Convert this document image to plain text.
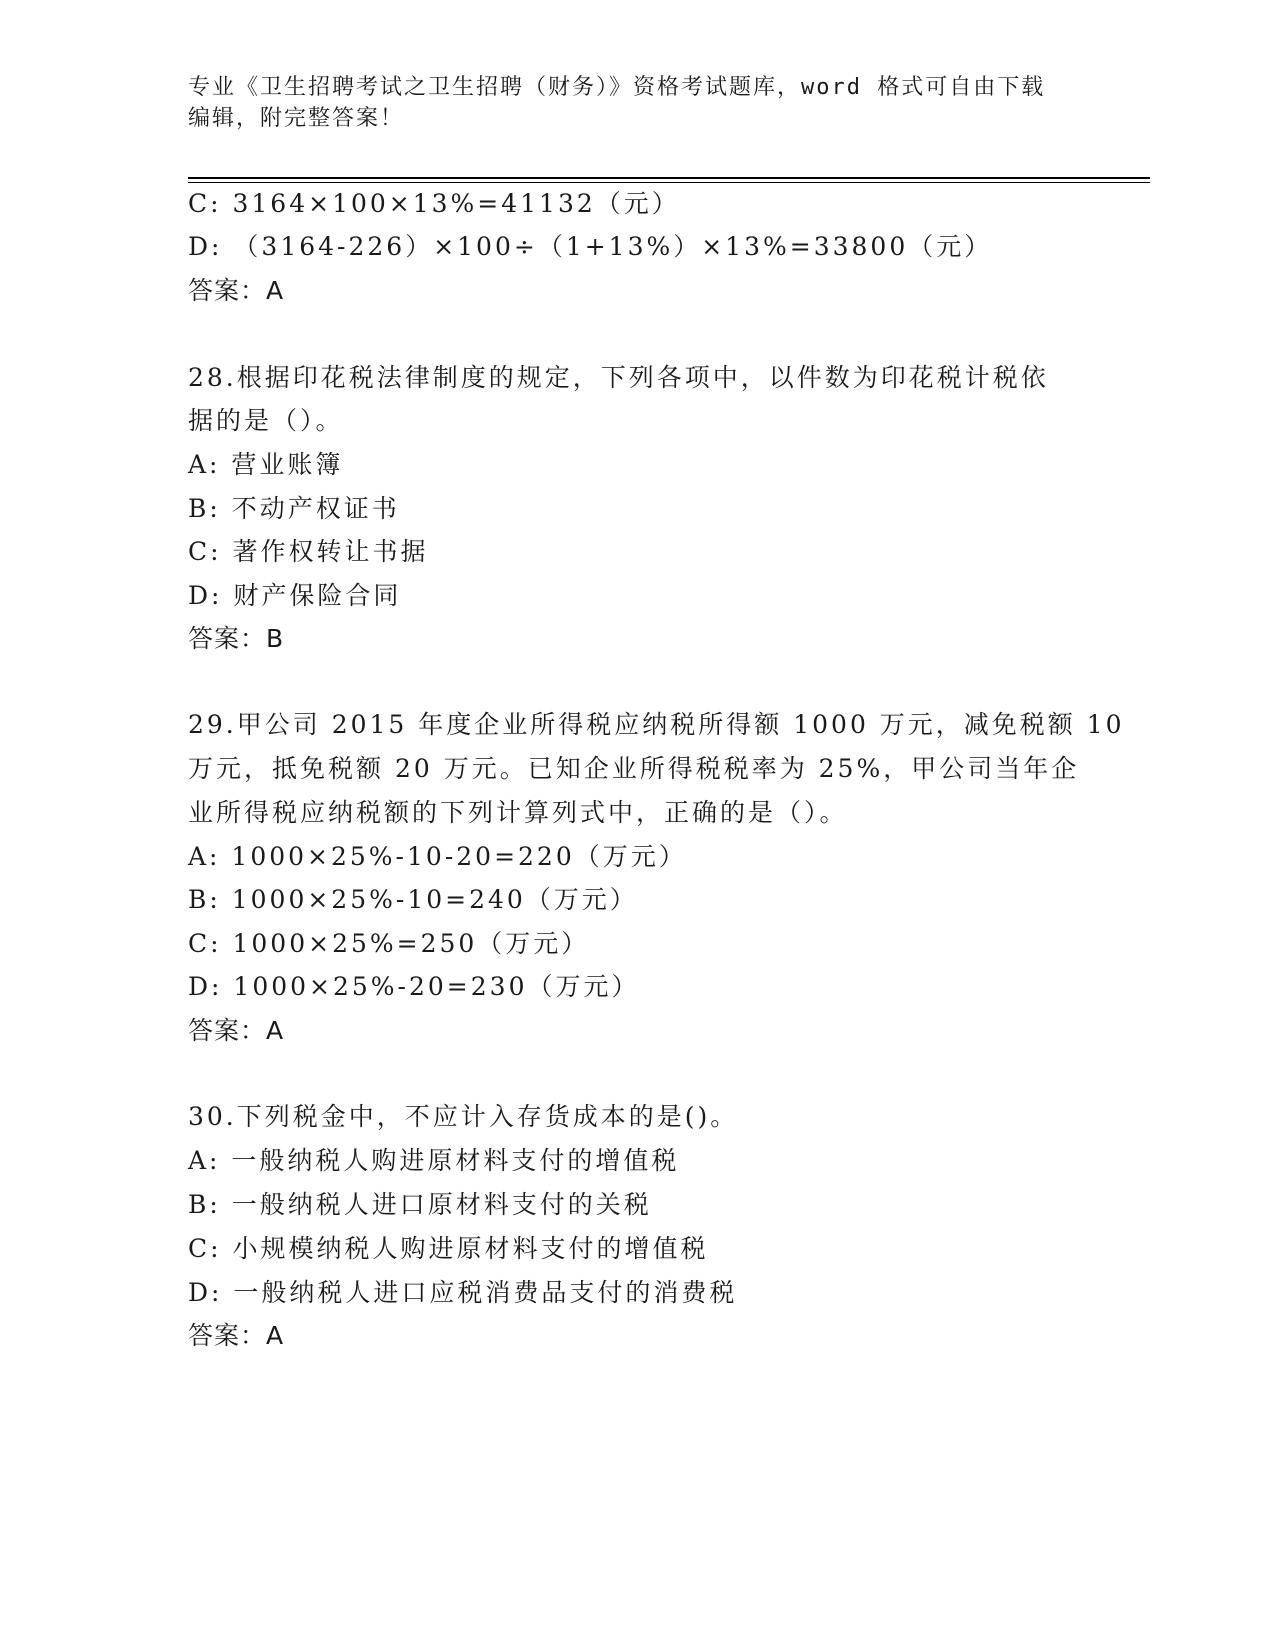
专业《卫生招聘考试之卫生招聘（财务）》资格考试题库，word 格式可自由下载
编辑，附完整答案！
C: 3164×100×13%=41132（元）
D: （3164-226）×100÷（1+13%）×13%=33800（元）
答案：A
28.根据印花税法律制度的规定，下列各项中，以件数为印花税计税依
据的是（）。
A: 营业账簿
B: 不动产权证书
C: 著作权转让书据
D: 财产保险合同
答案：B
29.甲公司 2015 年度企业所得税应纳税所得额 1000 万元，减免税额 10
万元，抵免税额 20 万元。已知企业所得税税率为 25%，甲公司当年企
业所得税应纳税额的下列计算列式中，正确的是（）。
A: 1000×25%-10-20=220（万元）
B: 1000×25%-10=240（万元）
C: 1000×25%=250（万元）
D: 1000×25%-20=230（万元）
答案：A
30.下列税金中，不应计入存货成本的是()。
A: 一般纳税人购进原材料支付的增值税
B: 一般纳税人进口原材料支付的关税
C: 小规模纳税人购进原材料支付的增值税
D: 一般纳税人进口应税消费品支付的消费税
答案：A
